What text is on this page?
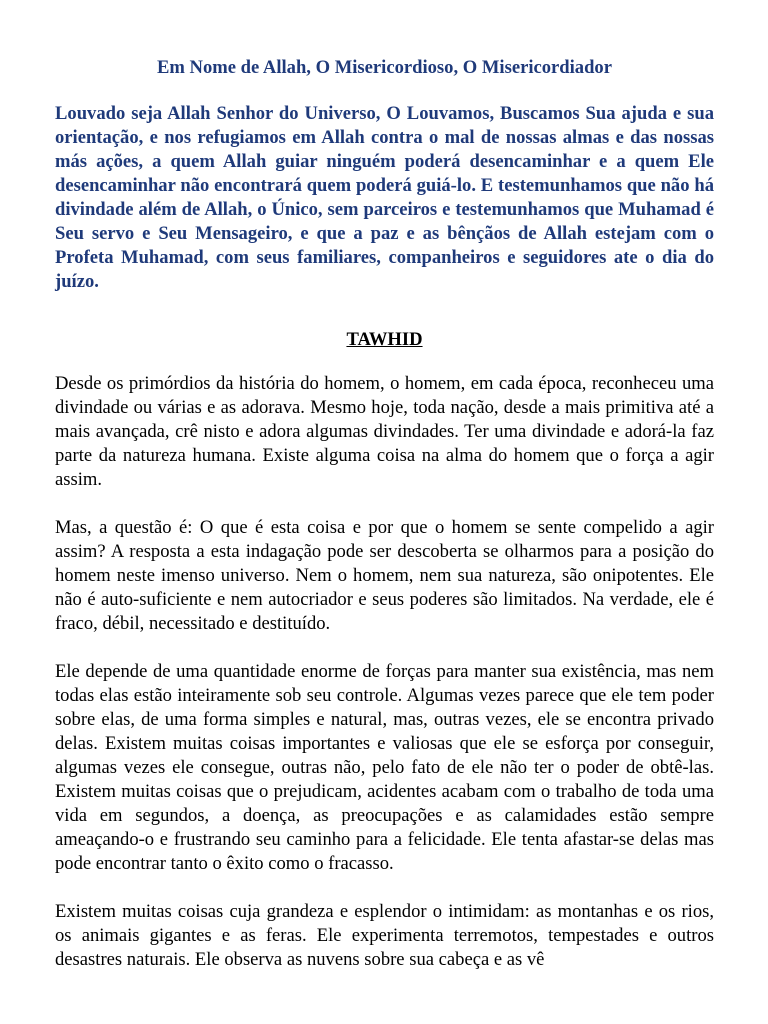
Em Nome de Allah, O Misericordioso, O Misericordiador
Louvado seja Allah Senhor do Universo, O Louvamos, Buscamos Sua ajuda e sua orientação, e nos refugiamos em Allah contra o mal de nossas almas e das nossas más ações, a quem Allah guiar ninguém poderá desencaminhar e a quem Ele desencaminhar não encontrará quem poderá guiá-lo. E testemunhamos que não há divindade além de Allah, o Único, sem parceiros e testemunhamos que Muhamad é Seu servo e Seu Mensageiro, e que a paz e as bênçãos de Allah estejam com o Profeta Muhamad, com seus familiares, companheiros e seguidores ate o dia do juízo.
TAWHID
Desde os primórdios da história do homem, o homem, em cada época, reconheceu uma divindade ou várias e as adorava. Mesmo hoje, toda nação, desde a mais primitiva até a mais avançada, crê nisto e adora algumas divindades. Ter uma divindade e adorá-la faz parte da natureza humana. Existe alguma coisa na alma do homem que o força a agir assim.
Mas, a questão é: O que é esta coisa e por que o homem se sente compelido a agir assim? A resposta a esta indagação pode ser descoberta se olharmos para a posição do homem neste imenso universo. Nem o homem, nem sua natureza, são onipotentes. Ele não é auto-suficiente e nem autocriador e seus poderes são limitados. Na verdade, ele é fraco, débil, necessitado e destituído.
Ele depende de uma quantidade enorme de forças para manter sua existência, mas nem todas elas estão inteiramente sob seu controle. Algumas vezes parece que ele tem poder sobre elas, de uma forma simples e natural, mas, outras vezes, ele se encontra privado delas. Existem muitas coisas importantes e valiosas que ele se esforça por conseguir, algumas vezes ele consegue, outras não, pelo fato de ele não ter o poder de obtê-las. Existem muitas coisas que o prejudicam, acidentes acabam com o trabalho de toda uma vida em segundos, a doença, as preocupações e as calamidades estão sempre ameaçando-o e frustrando seu caminho para a felicidade. Ele tenta afastar-se delas mas pode encontrar tanto o êxito como o fracasso.
Existem muitas coisas cuja grandeza e esplendor o intimidam: as montanhas e os rios, os animais gigantes e as feras. Ele experimenta terremotos, tempestades e outros desastres naturais. Ele observa as nuvens sobre sua cabeça e as vê
